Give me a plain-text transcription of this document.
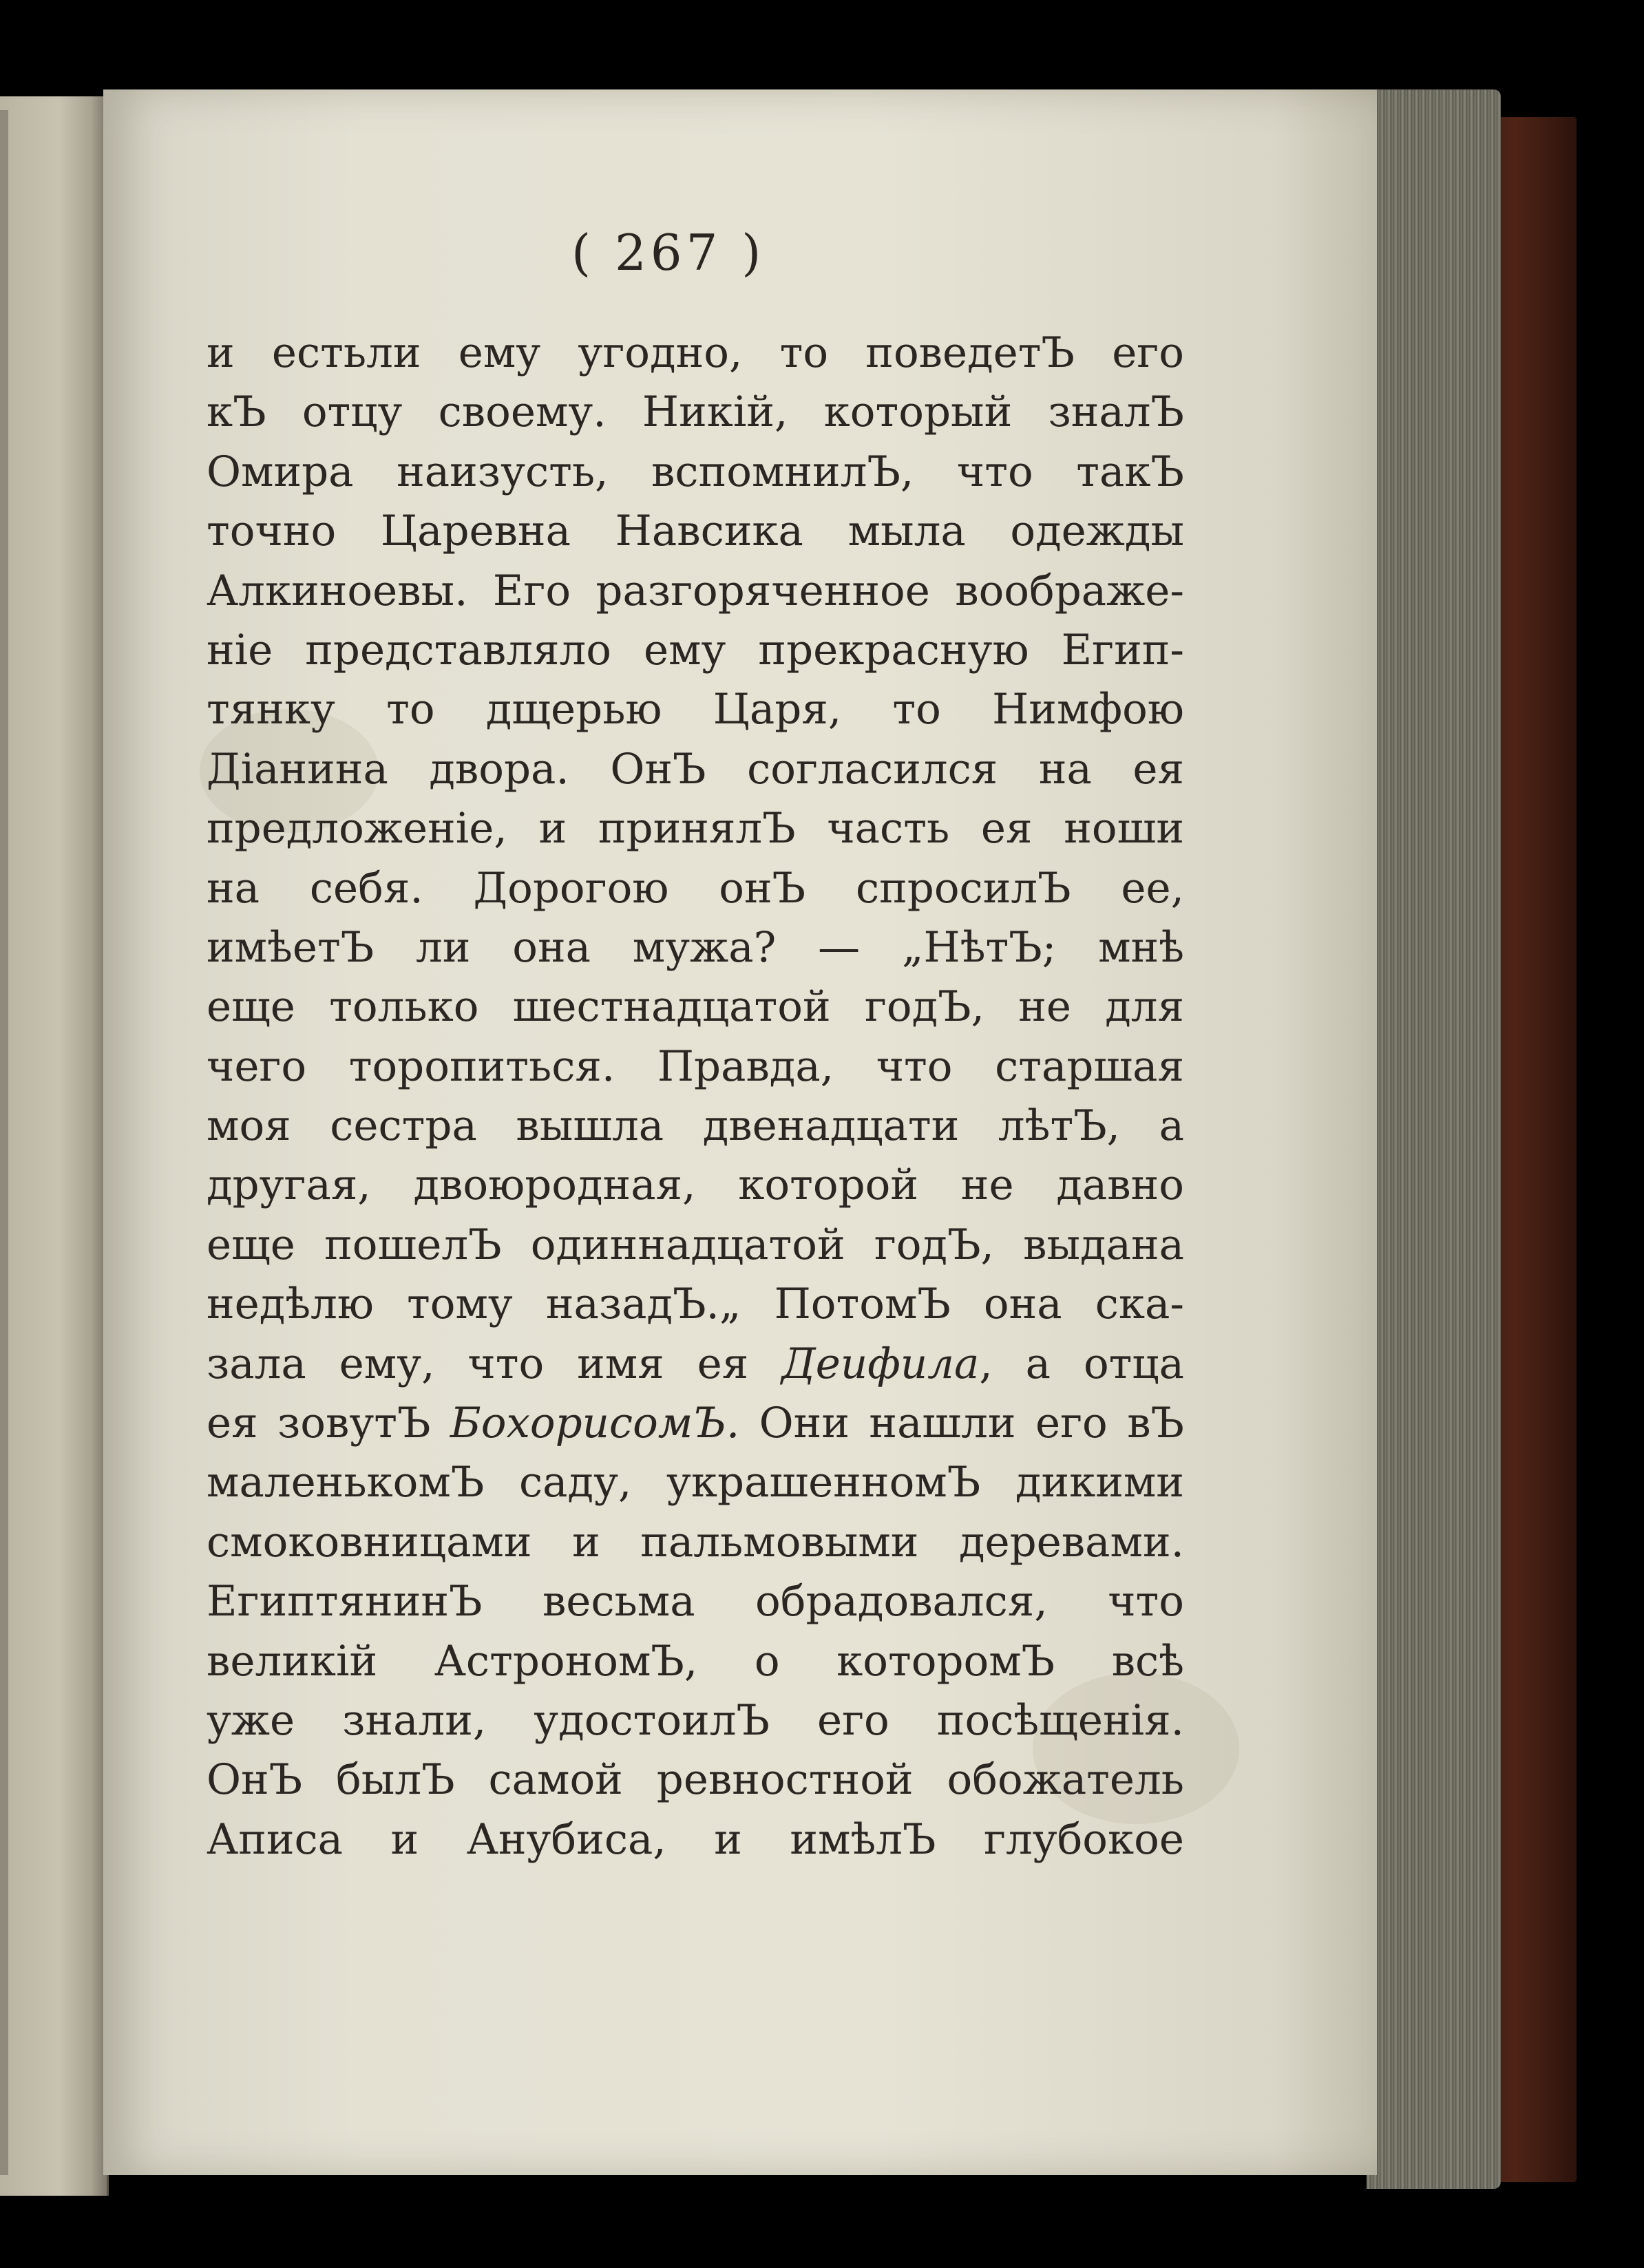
( 267 )
и естьли ему угодно, то поведетЪ его
кЪ отцу своему. Никiй, который зналЪ
Омира наизусть, вспомнилЪ, что такЪ
точно Царевна Навсика мыла одежды
Алкиноевы. Его разгоряченное воображе-
нiе представляло ему прекрасную Егип-
тянку то дщерью Царя, то Нимфою
Дiанина двора. ОнЪ согласился на ея
предложенiе, и принялЪ часть ея ноши
на себя. Дорогою онЪ спросилЪ ее,
имѣетЪ ли она мужа? — „НѣтЪ; мнѣ
еще только шестнадцатой годЪ, не для
чего торопиться. Правда, что старшая
моя сестра вышла двенадцати лѣтЪ, а
другая, двоюродная, которой не давно
еще пошелЪ одиннадцатой годЪ, выдана
недѣлю тому назадЪ.„ ПотомЪ она ска-
зала ему, что имя ея Деифила, а отца
ея зовутЪ БохорисомЪ. Они нашли его вЪ
маленькомЪ саду, украшенномЪ дикими
смоковницами и пальмовыми деревами.
ЕгиптянинЪ весьма обрадовался, что
великiй АстрономЪ, о которомЪ всѣ
уже знали, удостоилЪ его посѣщенiя.
ОнЪ былЪ самой ревностной обожатель
Аписа и Анубиса, и имѣлЪ глубокое
